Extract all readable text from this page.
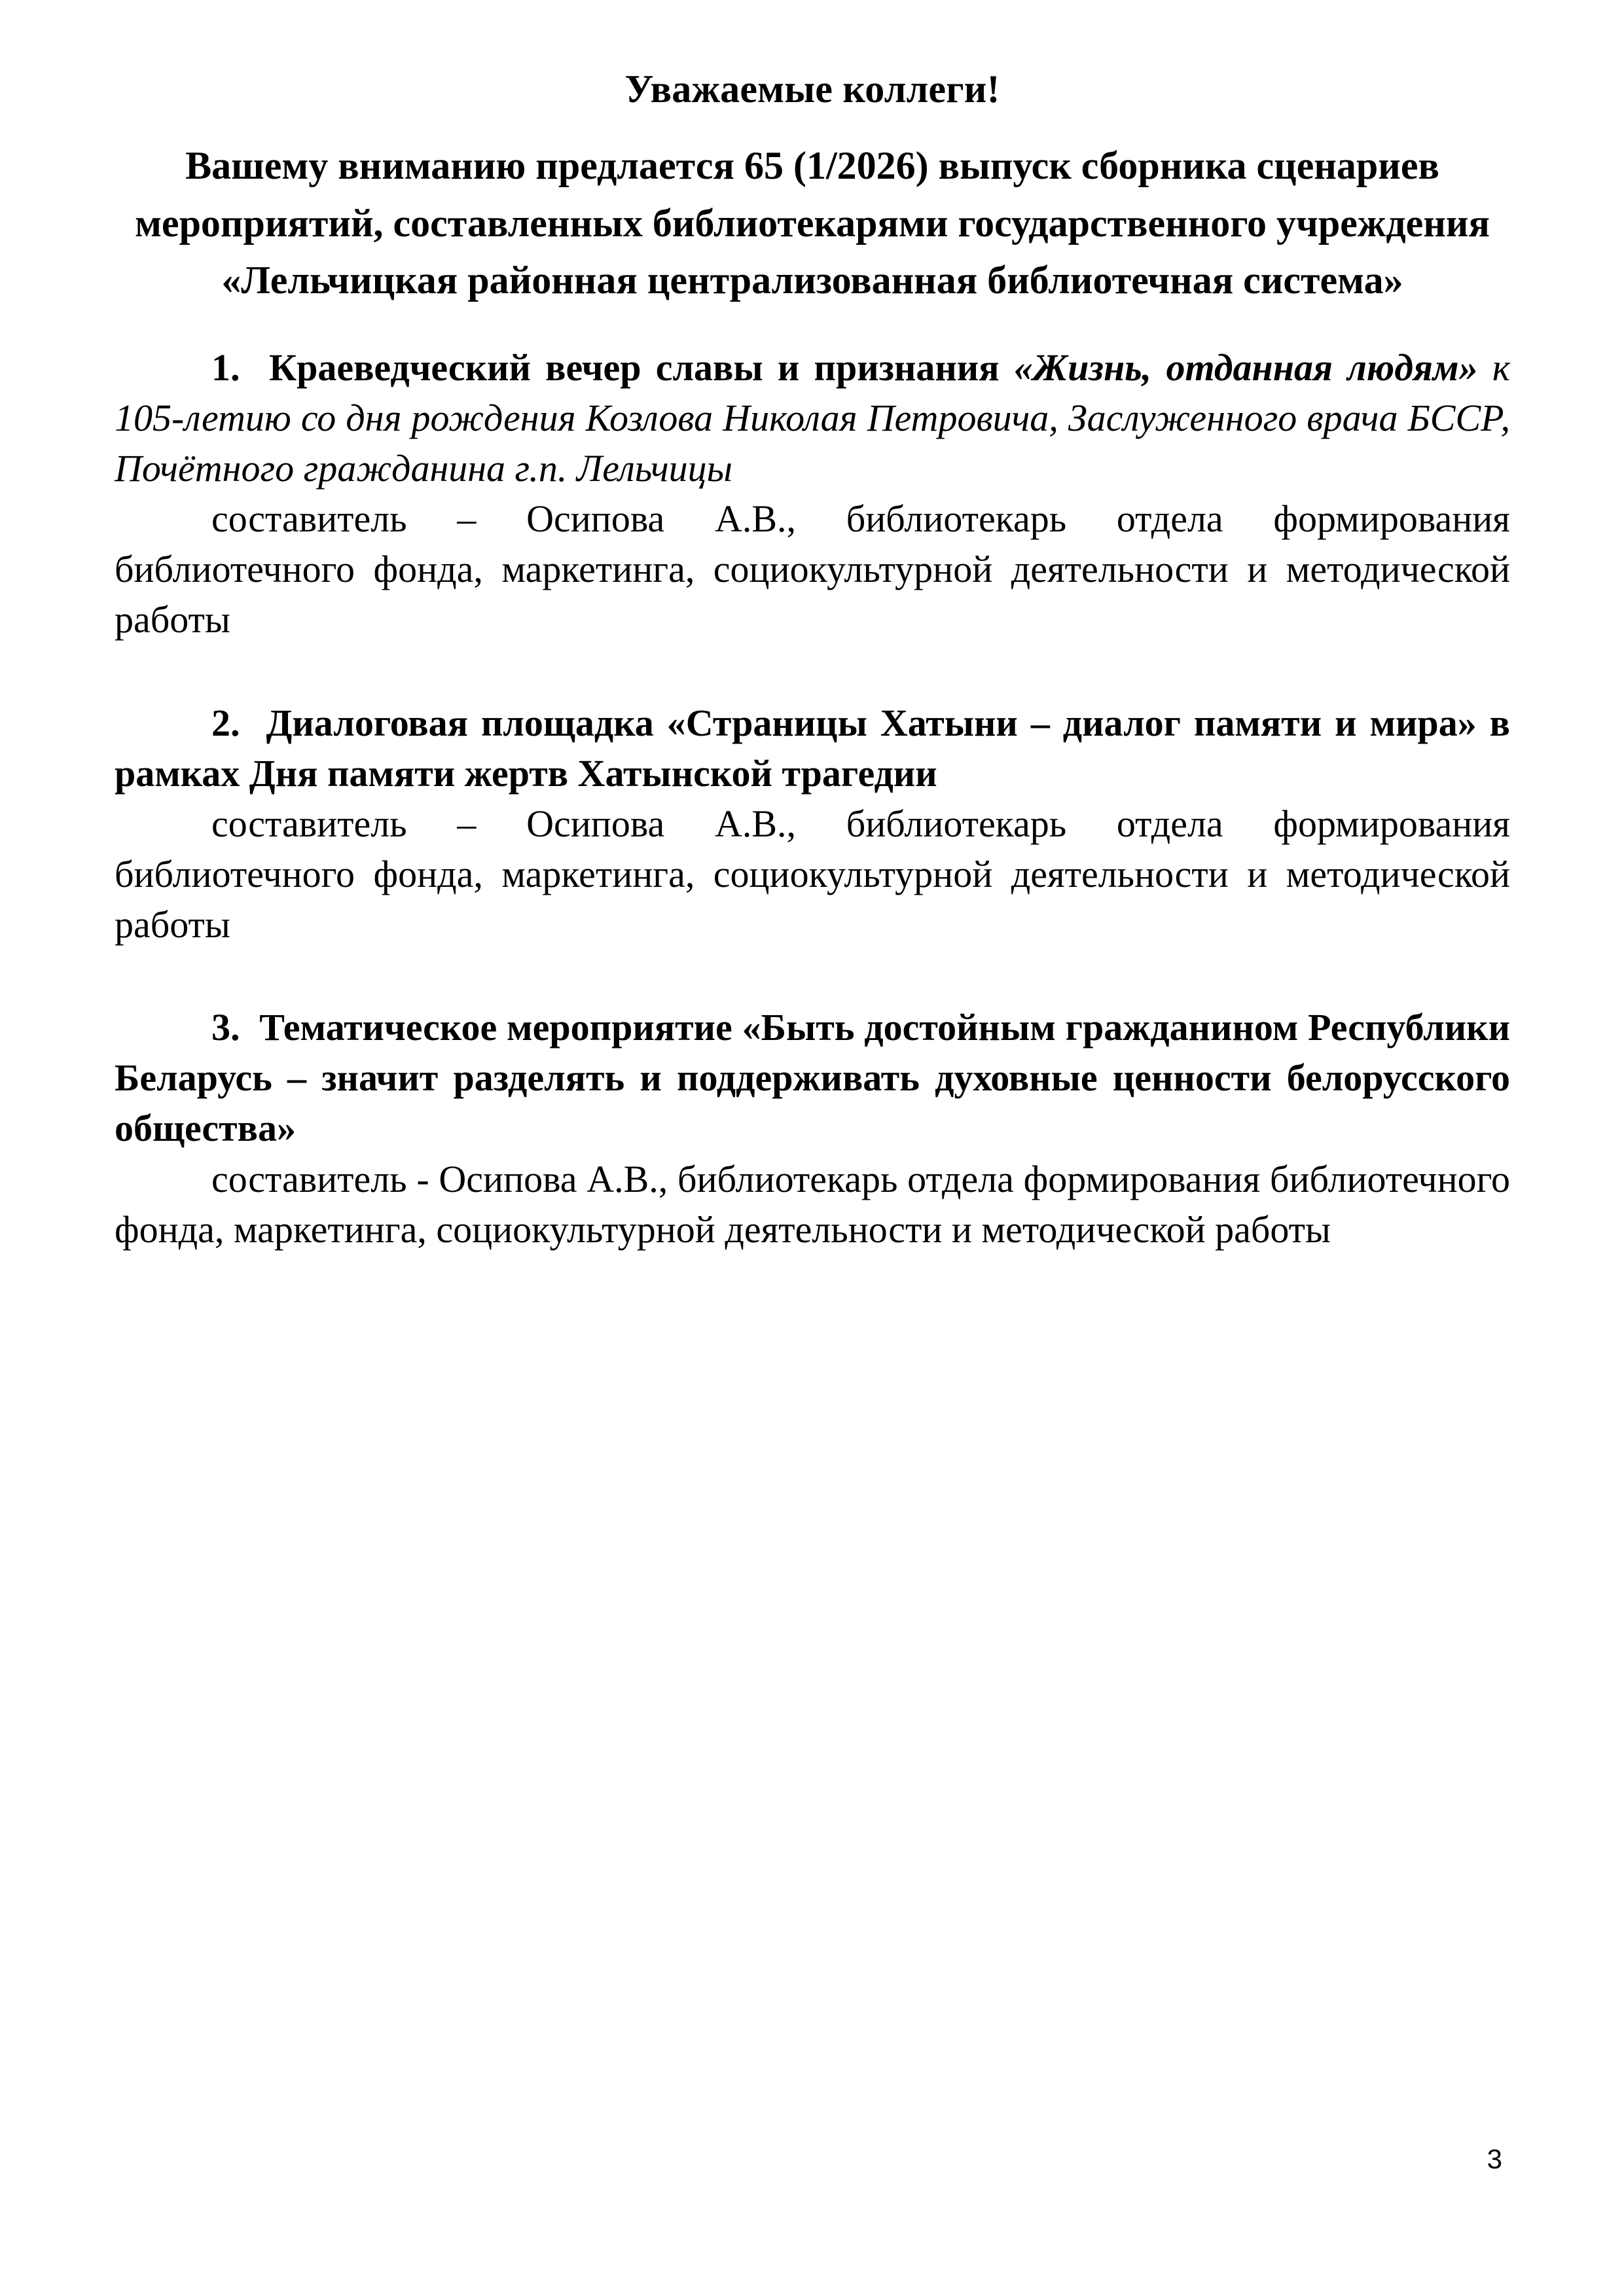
Уважаемые коллеги!

Вашему вниманию предлается 65 (1/2026) выпуск сборника сценариев мероприятий, составленных библиотекарями государственного учреждения «Лельчицкая районная централизованная библиотечная система»

1.  Краеведческий вечер славы и признания «Жизнь, отданная людям» к 105-летию со дня рождения Козлова Николая Петровича, Заслуженного врача БССР, Почётного гражданина г.п. Лельчицы

составитель – Осипова А.В., библиотекарь отдела формирования библиотечного фонда, маркетинга, социокультурной деятельности и методической работы

2.  Диалоговая площадка «Страницы Хатыни – диалог памяти и мира» в рамках Дня памяти жертв Хатынской трагедии

составитель – Осипова А.В., библиотекарь отдела формирования библиотечного фонда, маркетинга, социокультурной деятельности и методической работы

3.  Тематическое мероприятие «Быть достойным гражданином Республики Беларусь – значит разделять и поддерживать духовные ценности белорусского общества»

составитель - Осипова А.В., библиотекарь отдела формирования библиотечного фонда, маркетинга, социокультурной деятельности и методической работы

3
